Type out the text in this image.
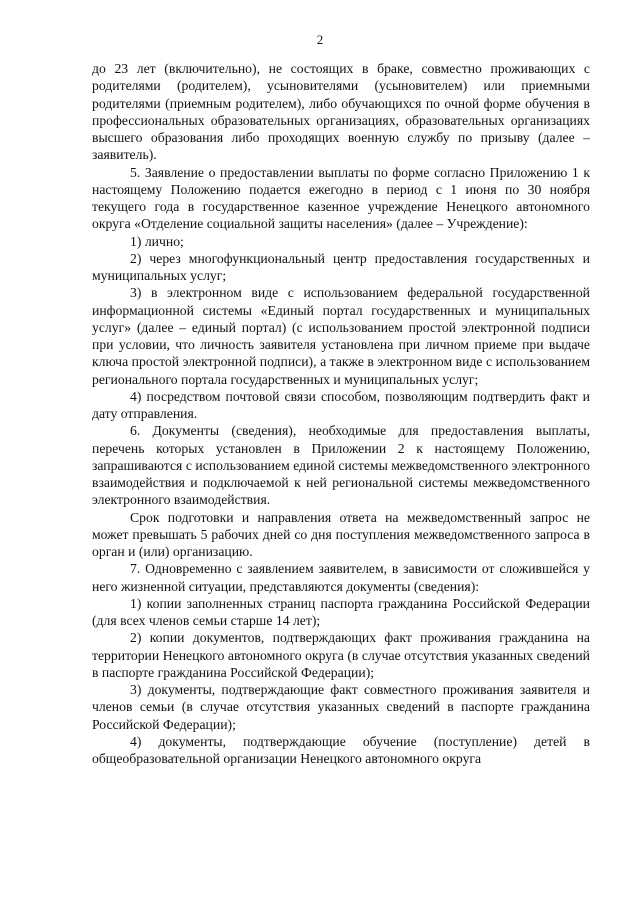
2

до 23 лет (включительно), не состоящих в браке, совместно проживающих с родителями (родителем), усыновителями (усыновителем) или приемными родителями (приемным родителем), либо обучающихся по очной форме обучения в профессиональных образовательных организациях, образовательных организациях высшего образования либо проходящих военную службу по призыву (далее – заявитель).

5. Заявление о предоставлении выплаты по форме согласно Приложению 1 к настоящему Положению подается ежегодно в период с 1 июня по 30 ноября текущего года в государственное казенное учреждение Ненецкого автономного округа «Отделение социальной защиты населения» (далее – Учреждение):

1) лично;

2) через многофункциональный центр предоставления государственных и муниципальных услуг;

3) в электронном виде с использованием федеральной государственной информационной системы «Единый портал государственных и муниципальных услуг» (далее – единый портал) (с использованием простой электронной подписи при условии, что личность заявителя установлена при личном приеме при выдаче ключа простой электронной подписи), а также в электронном виде с использованием регионального портала государственных и муниципальных услуг;

4) посредством почтовой связи способом, позволяющим подтвердить факт и дату отправления.

6. Документы (сведения), необходимые для предоставления выплаты, перечень которых установлен в Приложении 2 к настоящему Положению, запрашиваются с использованием единой системы межведомственного электронного взаимодействия и подключаемой к ней региональной системы межведомственного электронного взаимодействия.

Срок подготовки и направления ответа на межведомственный запрос не может превышать 5 рабочих дней со дня поступления межведомственного запроса в орган и (или) организацию.

7. Одновременно с заявлением заявителем, в зависимости от сложившейся у него жизненной ситуации, представляются документы (сведения):

1) копии заполненных страниц паспорта гражданина Российской Федерации (для всех членов семьи старше 14 лет);

2) копии документов, подтверждающих факт проживания гражданина на территории Ненецкого автономного округа (в случае отсутствия указанных сведений в паспорте гражданина Российской Федерации);

3) документы, подтверждающие факт совместного проживания заявителя и членов семьи (в случае отсутствия указанных сведений в паспорте гражданина Российской Федерации);

4) документы, подтверждающие обучение (поступление) детей в общеобразовательной организации Ненецкого автономного округа
